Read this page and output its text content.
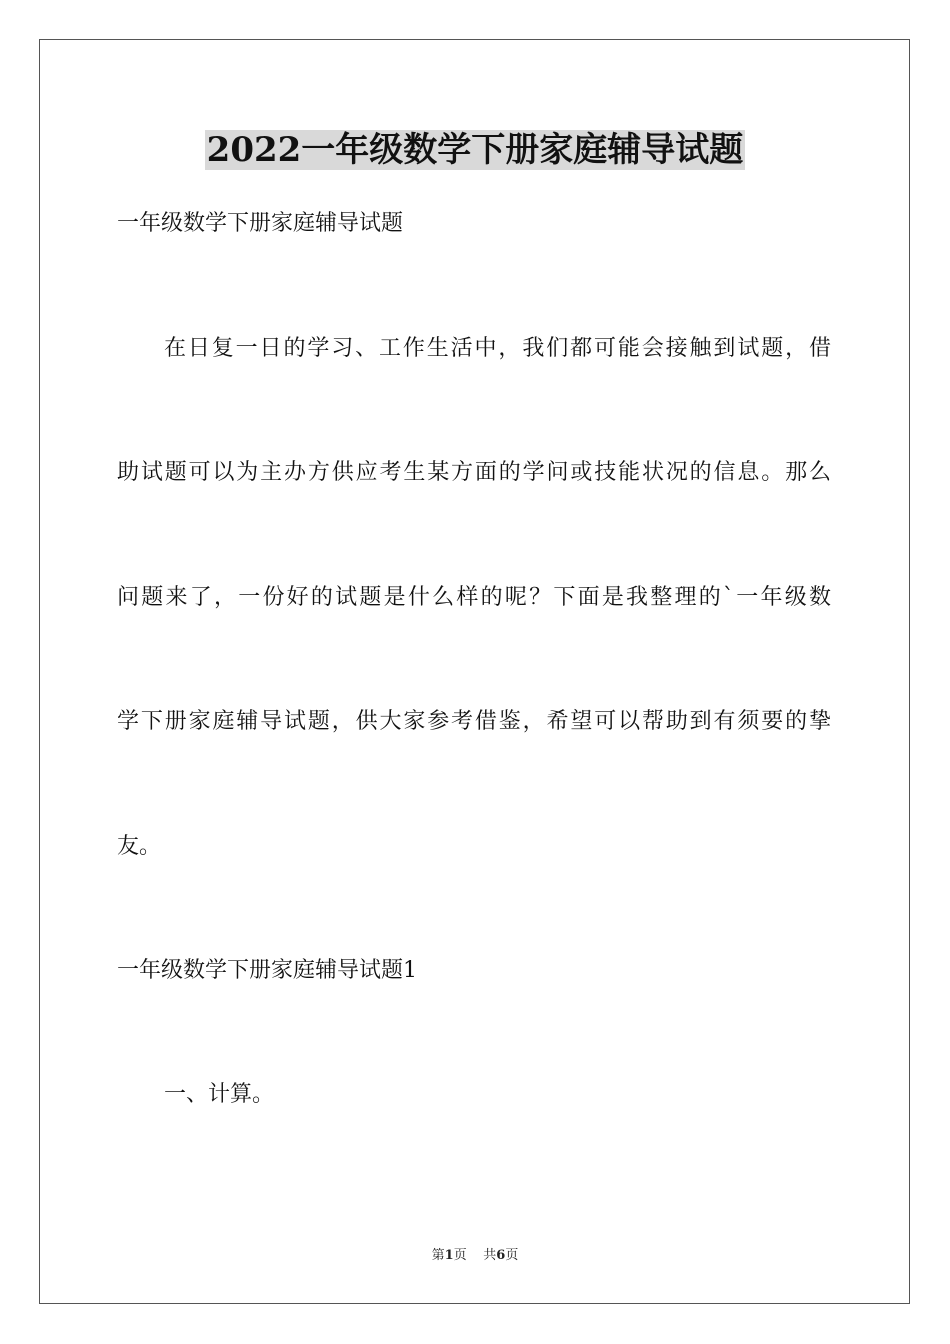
2022一年级数学下册家庭辅导试题
一年级数学下册家庭辅导试题
在日复一日的学习、工作生活中，我们都可能会接触到试题，借
助试题可以为主办方供应考生某方面的学问或技能状况的信息。那么
问题来了，一份好的试题是什么样的呢？下面是我整理的`一年级数
学下册家庭辅导试题，供大家参考借鉴，希望可以帮助到有须要的挚
友。
一年级数学下册家庭辅导试题1
一、计算。
第1页 共6页
